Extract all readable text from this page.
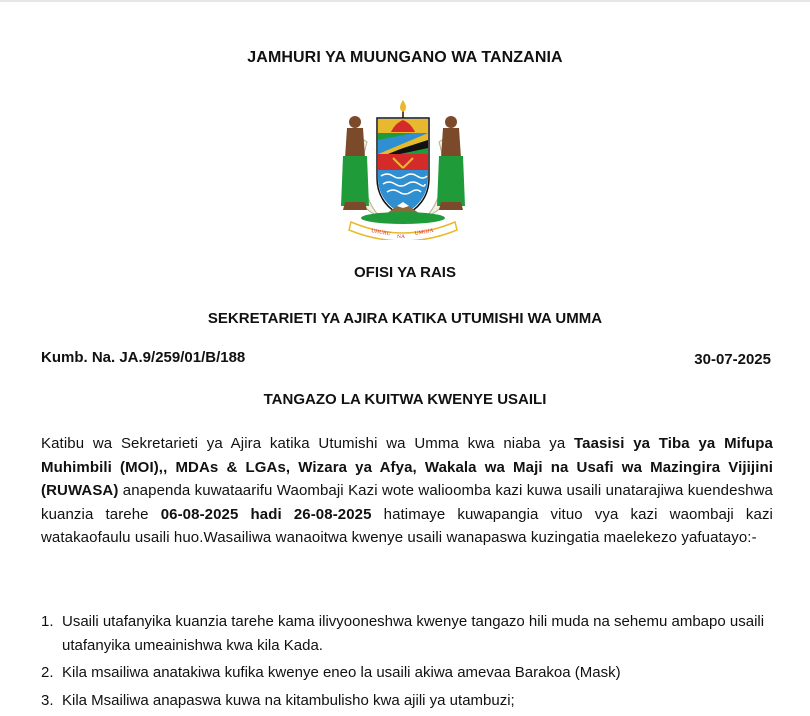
JAMHURI YA MUUNGANO WA TANZANIA
UHURU NA
UMOJA
OFISI YA RAIS
SEKRETARIETI YA AJIRA KATIKA UTUMISHI WA UMMA
Kumb. Na. JA.9/259/01/B/188	30-07-2025
TANGAZO LA KUITWA KWENYE USAILI
Katibu wa Sekretarieti ya Ajira katika Utumishi wa Umma kwa niaba ya Taasisi ya Tiba ya Mifupa Muhimbili (MOI),, MDAs & LGAs, Wizara ya Afya, Wakala wa Maji na Usafi wa Mazingira Vijijini (RUWASA) anapenda kuwataarifu Waombaji Kazi wote walioomba kazi kuwa usaili unatarajiwa kuendeshwa kuanzia tarehe 06-08-2025 hadi 26-08-2025 hatimaye kuwapangia vituo vya kazi waombaji kazi watakaofaulu usaili huo.Wasailiwa wanaoitwa kwenye usaili wanapaswa kuzingatia maelekezo yafuatayo:-
1. Usaili utafanyika kuanzia tarehe kama ilivyooneshwa kwenye tangazo hili muda na sehemu ambapo usaili utafanyika umeainishwa kwa kila Kada.
2. Kila msailiwa anatakiwa kufika kwenye eneo la usaili akiwa amevaa Barakoa (Mask)
3. Kila Msailiwa anapaswa kuwa na kitambulisho kwa ajili ya utambuzi;
